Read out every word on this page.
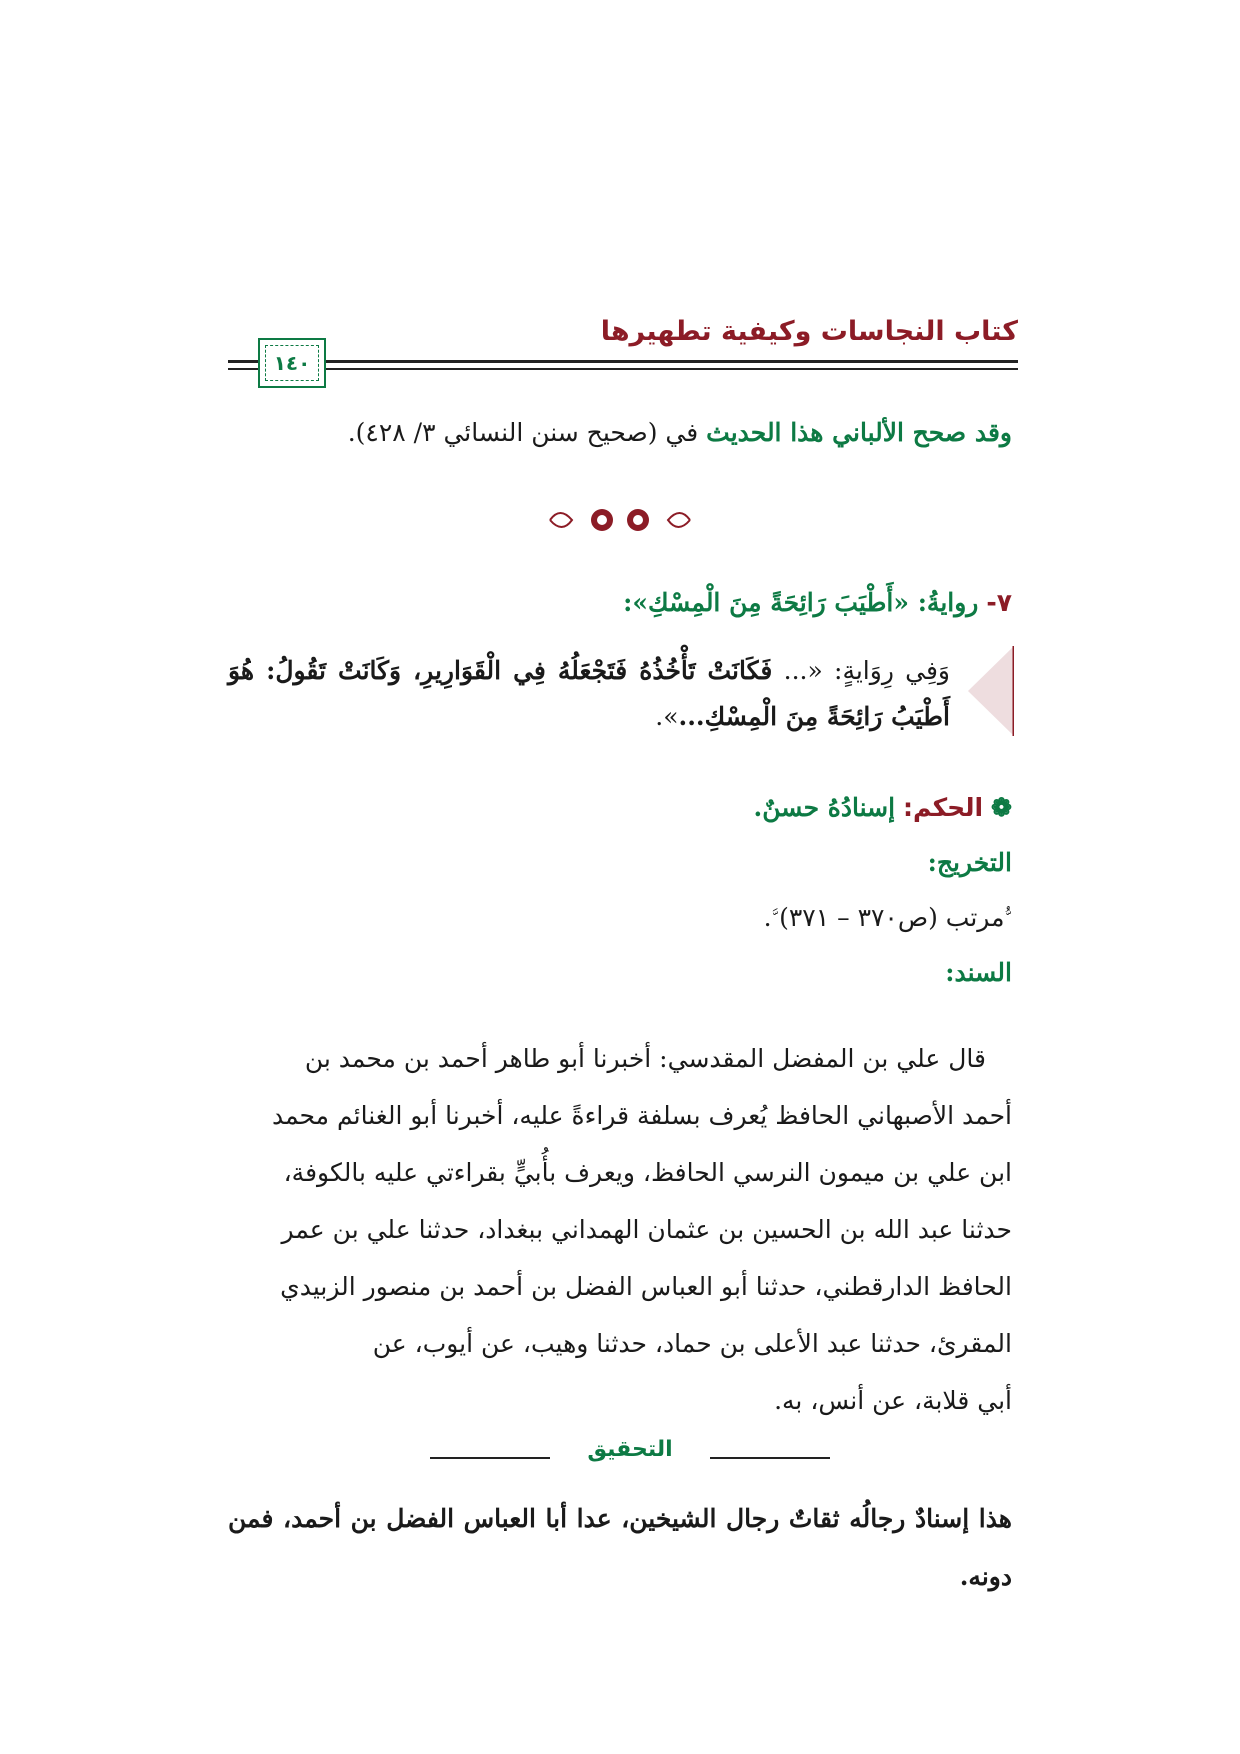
كتاب النجاسات وكيفية تطهيرها
١٤٠
وقد صحح الألباني هذا الحديث في (صحيح سنن النسائي ٣/ ٤٢٨).
٧- روايةُ: «أَطْيَبَ رَائِحَةً مِنَ الْمِسْكِ»:
وَفِي رِوَايةٍ: «... فَكَانَتْ تَأْخُذُهُ فَتَجْعَلُهُ فِي الْقَوَارِيرِ، وَكَانَتْ تَقُولُ: هُوَ أَطْيَبُ رَائِحَةً مِنَ الْمِسْكِ...».
❁ الحكم: إسنادُهُ حسنٌ.
التخريج:
ﱡمرتب (ص٣٧٠ – ٣٧١)ﱠ.
السند:
قال علي بن المفضل المقدسي: أخبرنا أبو طاهر أحمد بن محمد بن
أحمد الأصبهاني الحافظ يُعرف بسلفة قراءةً عليه، أخبرنا أبو الغنائم محمد
ابن علي بن ميمون النرسي الحافظ، ويعرف بأُبيٍّ بقراءتي عليه بالكوفة،
حدثنا عبد الله بن الحسين بن عثمان الهمداني ببغداد، حدثنا علي بن عمر
الحافظ الدارقطني، حدثنا أبو العباس الفضل بن أحمد بن منصور الزبيدي
المقرئ، حدثنا عبد الأعلى بن حماد، حدثنا وهيب، عن أيوب، عن
أبي قلابة، عن أنس، به.
التحقيق
هذا إسنادٌ رجالُه ثقاتٌ رجال الشيخين، عدا أبا العباس الفضل بن أحمد، فمن دونه.
